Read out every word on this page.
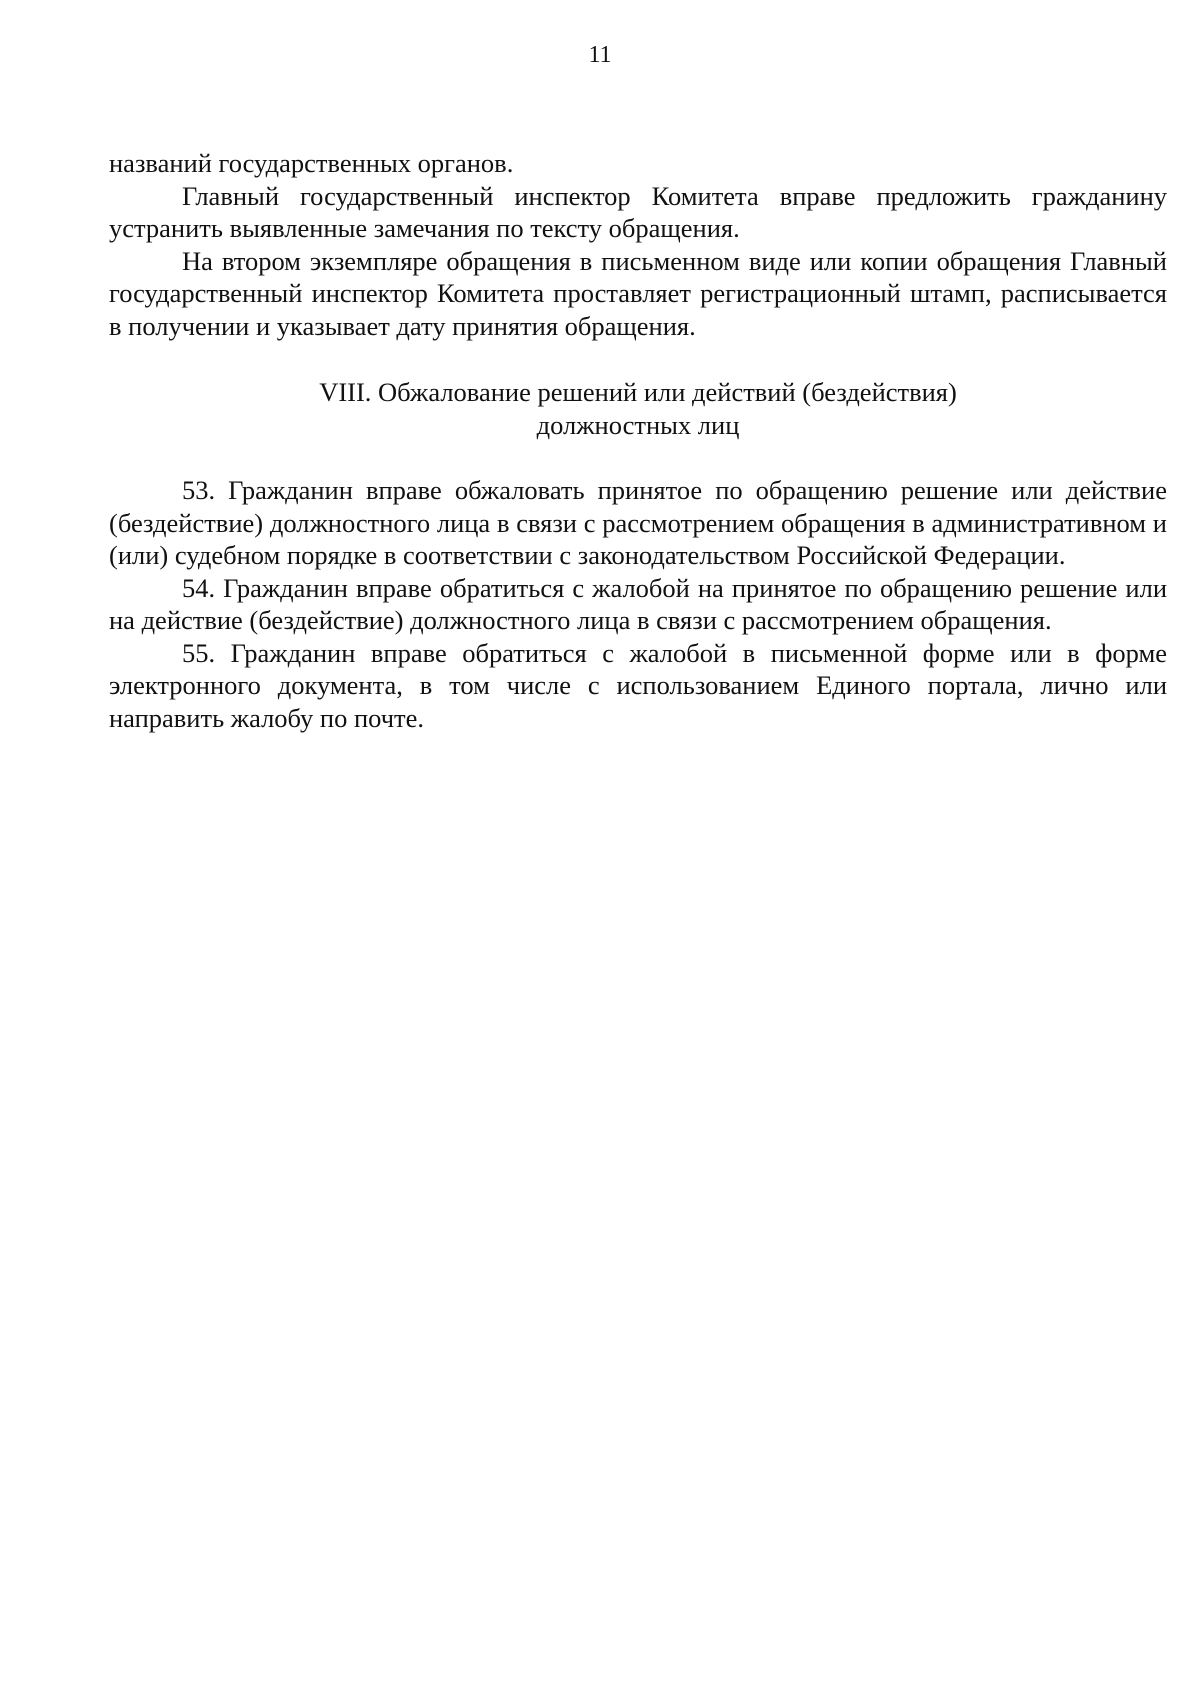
11

названий государственных органов.

Главный государственный инспектор Комитета вправе предложить гражданину устранить выявленные замечания по тексту обращения.

На втором экземпляре обращения в письменном виде или копии обращения Главный государственный инспектор Комитета проставляет регистрационный штамп, расписывается в получении и указывает дату принятия обращения.

VIII. Обжалование решений или действий (бездействия)
должностных лиц

53. Гражданин вправе обжаловать принятое по обращению решение или действие (бездействие) должностного лица в связи с рассмотрением обращения в административном и (или) судебном порядке в соответствии с законодательством Российской Федерации.

54. Гражданин вправе обратиться с жалобой на принятое по обращению решение или на действие (бездействие) должностного лица в связи с рассмотрением обращения.

55. Гражданин вправе обратиться с жалобой в письменной форме или в форме электронного документа, в том числе с использованием Единого портала, лично или направить жалобу по почте.
